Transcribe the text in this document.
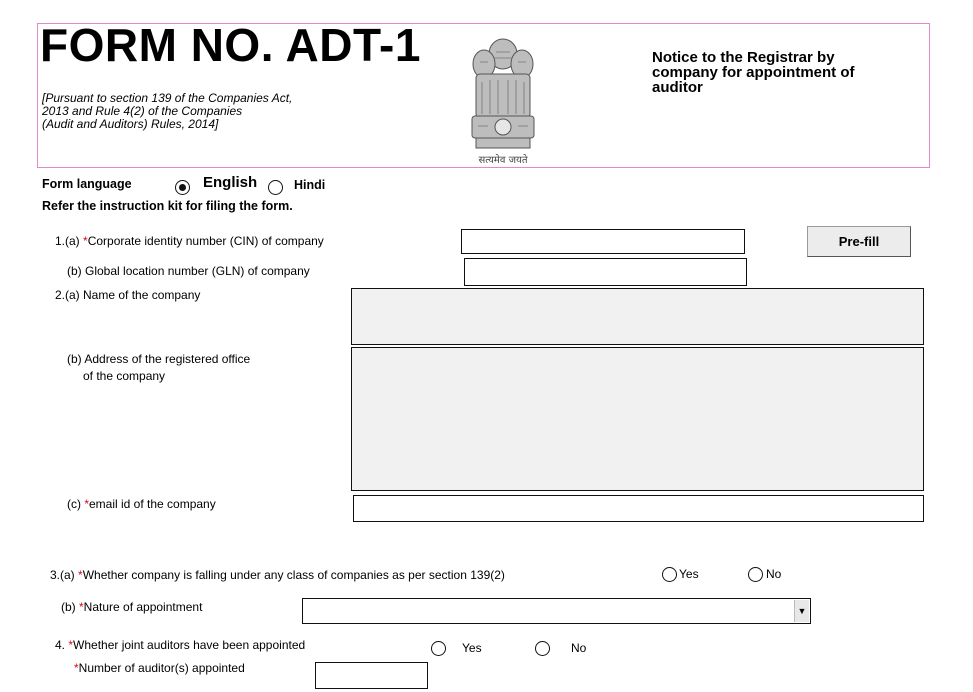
FORM NO. ADT-1
[Pursuant to section 139 of the Companies Act,
2013 and Rule 4(2) of the Companies
(Audit and Auditors) Rules, 2014]
सत्यमेव जयते
Notice to the Registrar by
company for appointment of
auditor
Form language	English	Hindi
Refer the instruction kit for filing the form.
1.(a) *Corporate identity number (CIN) of company	Pre-fill
(b) Global location number (GLN) of company
2.(a) Name of the company
(b) Address of the registered office
of the company
(c) *email id of the company
3.(a) *Whether company is falling under any class of companies as per section 139(2)	Yes	No
(b) *Nature of appointment	▼
4. *Whether joint auditors have been appointed	Yes	No
*Number of auditor(s) appointed
